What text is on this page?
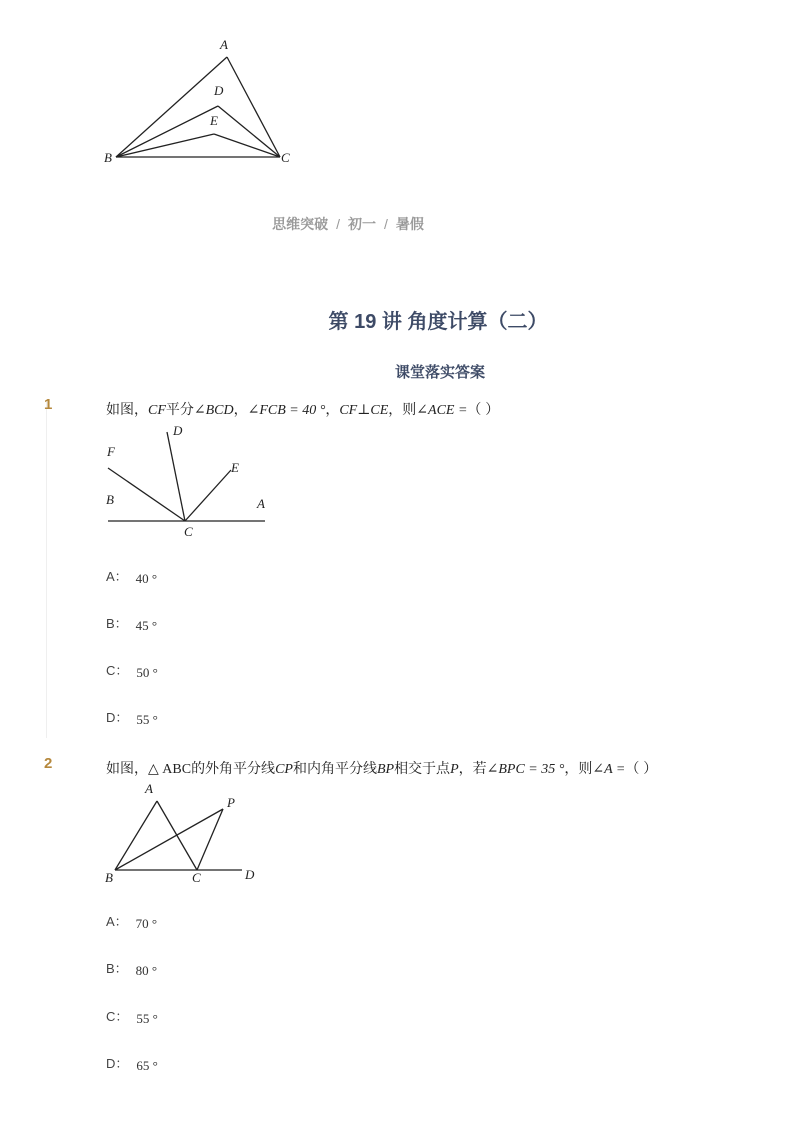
A
D
E
B	C
思维突破 / 初一 / 暑假
第 19 讲 角度计算（二）
课堂落实答案
1	如图，CF平分∠BCD，∠FCB = 40 °，CF⊥CE，则∠ACE =（ ）
F
D
E
B	A
C
A： 40 °
B： 45 °
C： 50 °
D： 55 °
2	如图，△ ABC的外角平分线CP和内角平分线BP相交于点P，若∠BPC = 35 °，则∠A =（ ）
A
P
B	C	D
A： 70 °
B： 80 °
C： 55 °
D： 65 °
